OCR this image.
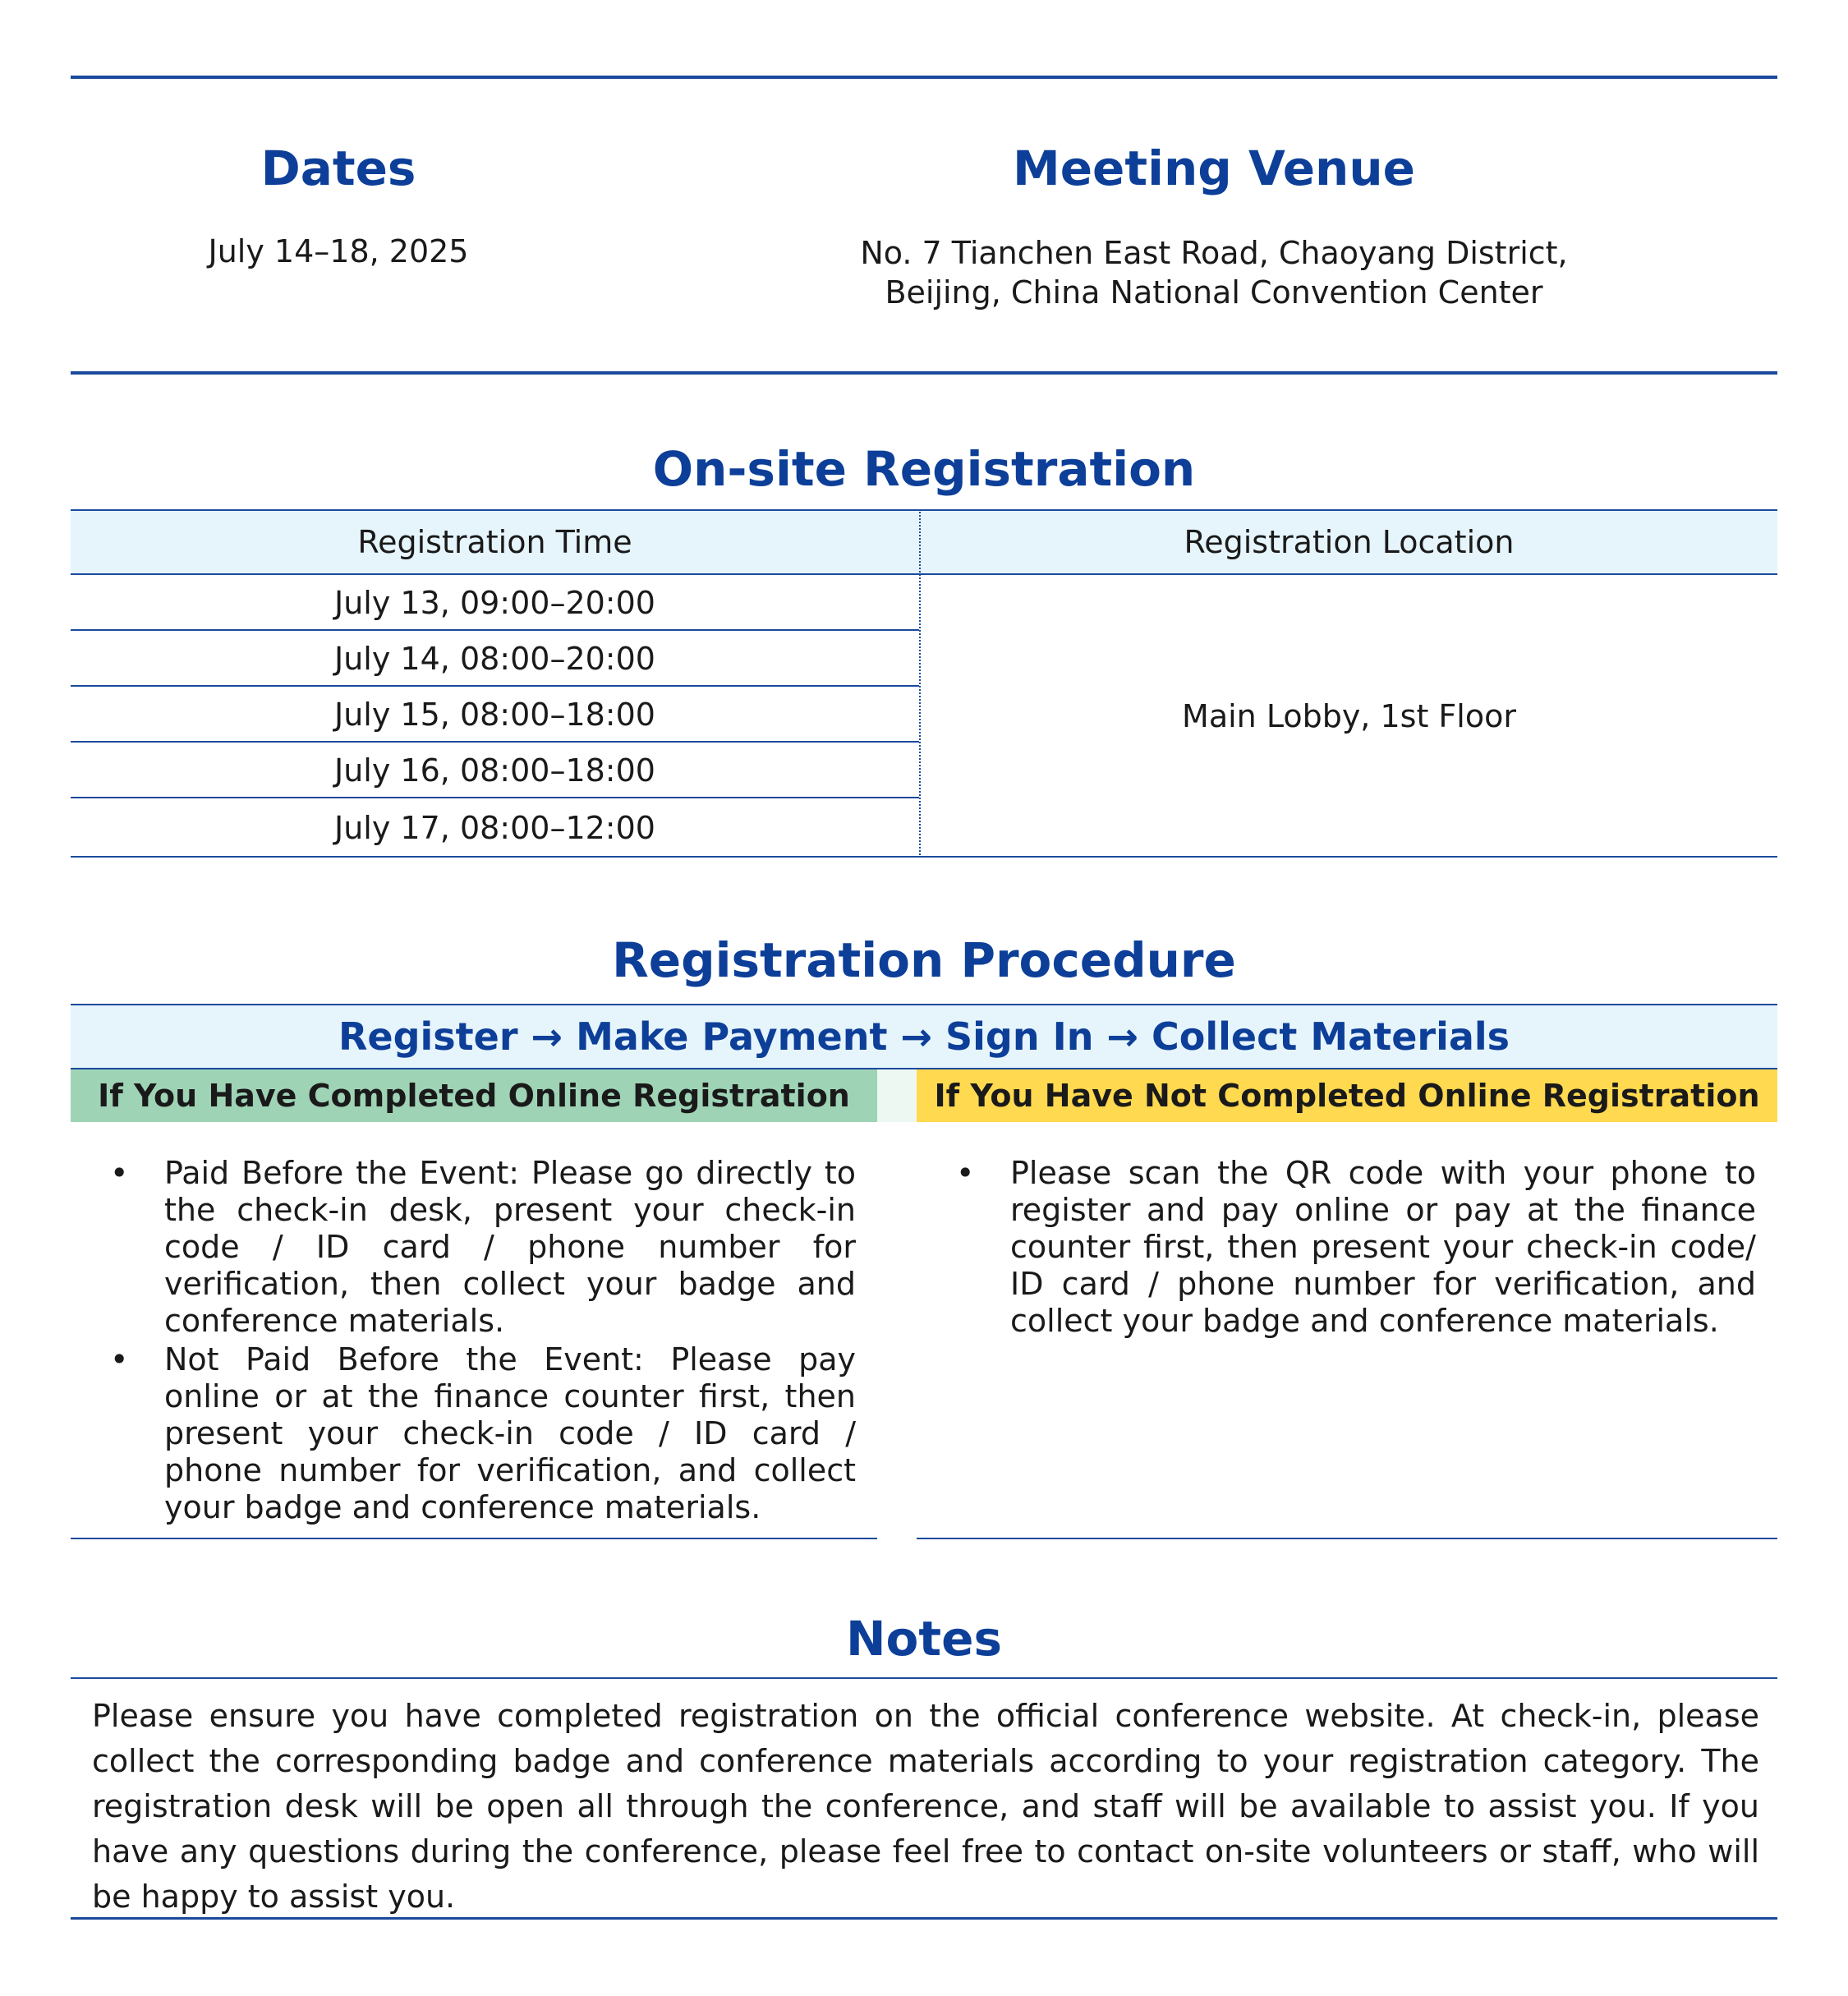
Dates
July 14–18, 2025
Meeting Venue
No. 7 Tianchen East Road, Chaoyang District,
Beijing, China National Convention Center
On-site Registration
Registration Time	Registration Location
July 13, 09:00–20:00
July 14, 08:00–20:00
July 15, 08:00–18:00
July 16, 08:00–18:00
July 17, 08:00–12:00
Main Lobby, 1st Floor
Registration Procedure
Register → Make Payment → Sign In → Collect Materials
If You Have Completed Online Registration	If You Have Not Completed Online Registration
• Paid Before the Event: Please go directly to the check-in desk, present your check-in code / ID card / phone number for verification, then collect your badge and conference materials.
• Not Paid Before the Event: Please pay online or at the finance counter first, then present your check-in code / ID card / phone number for verification, and collect your badge and conference materials.
• Please scan the QR code with your phone to register and pay online or pay at the finance counter first, then present your check-in code/ ID card / phone number for verification, and collect your badge and conference materials.
Notes
Please ensure you have completed registration on the official conference website. At check-in, please collect the corresponding badge and conference materials according to your registration category. The registration desk will be open all through the conference, and staff will be available to assist you. If you have any questions during the conference, please feel free to contact on-site volunteers or staff, who will be happy to assist you.
